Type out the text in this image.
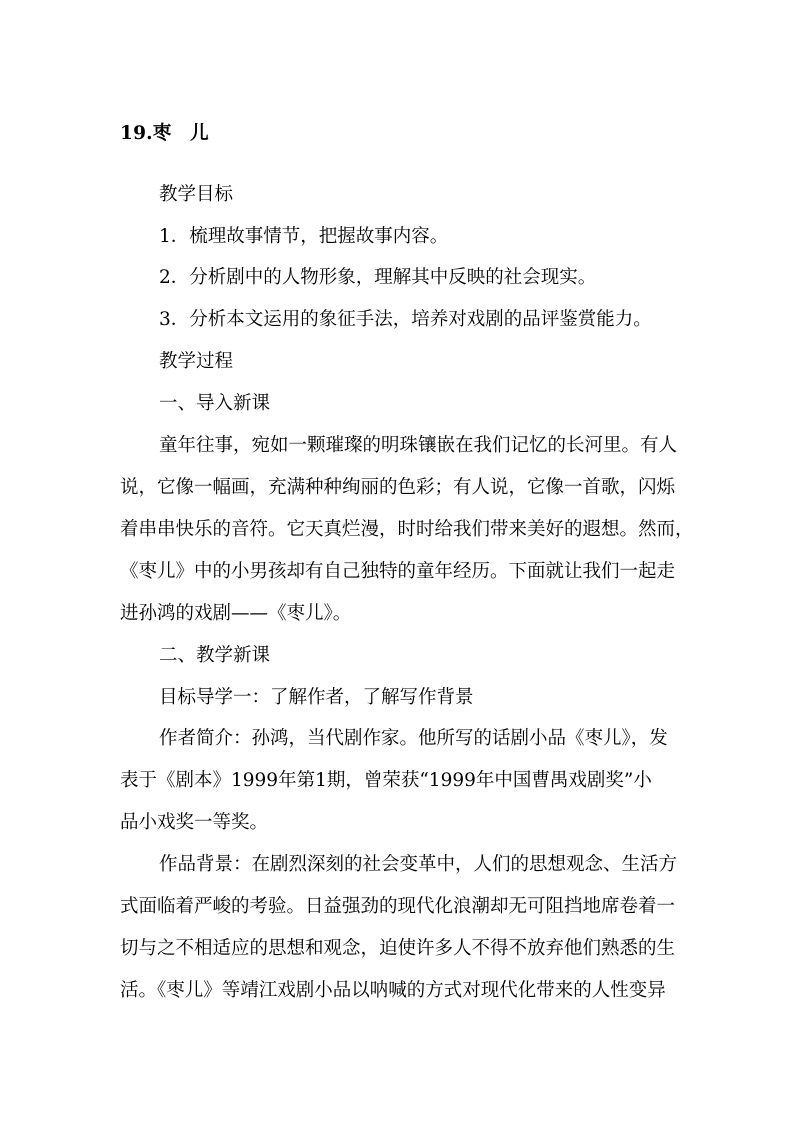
19.枣　儿
教学目标
1．梳理故事情节，把握故事内容。
2．分析剧中的人物形象，理解其中反映的社会现实。
3．分析本文运用的象征手法，培养对戏剧的品评鉴赏能力。
教学过程
一、导入新课
童年往事，宛如一颗璀璨的明珠镶嵌在我们记忆的长河里。有人
说，它像一幅画，充满种种绚丽的色彩；有人说，它像一首歌，闪烁
着串串快乐的音符。它天真烂漫，时时给我们带来美好的遐想。然而，
《枣儿》中的小男孩却有自己独特的童年经历。下面就让我们一起走
进孙鸿的戏剧——《枣儿》。
二、教学新课
目标导学一：了解作者，了解写作背景
作者简介：孙鸿，当代剧作家。他所写的话剧小品《枣儿》，发
表于《剧本》1999年第1期，曾荣获“1999年中国曹禺戏剧奖”小
品小戏奖一等奖。
作品背景：在剧烈深刻的社会变革中，人们的思想观念、生活方
式面临着严峻的考验。日益强劲的现代化浪潮却无可阻挡地席卷着一
切与之不相适应的思想和观念，迫使许多人不得不放弃他们熟悉的生
活。《枣儿》等靖江戏剧小品以呐喊的方式对现代化带来的人性变异
